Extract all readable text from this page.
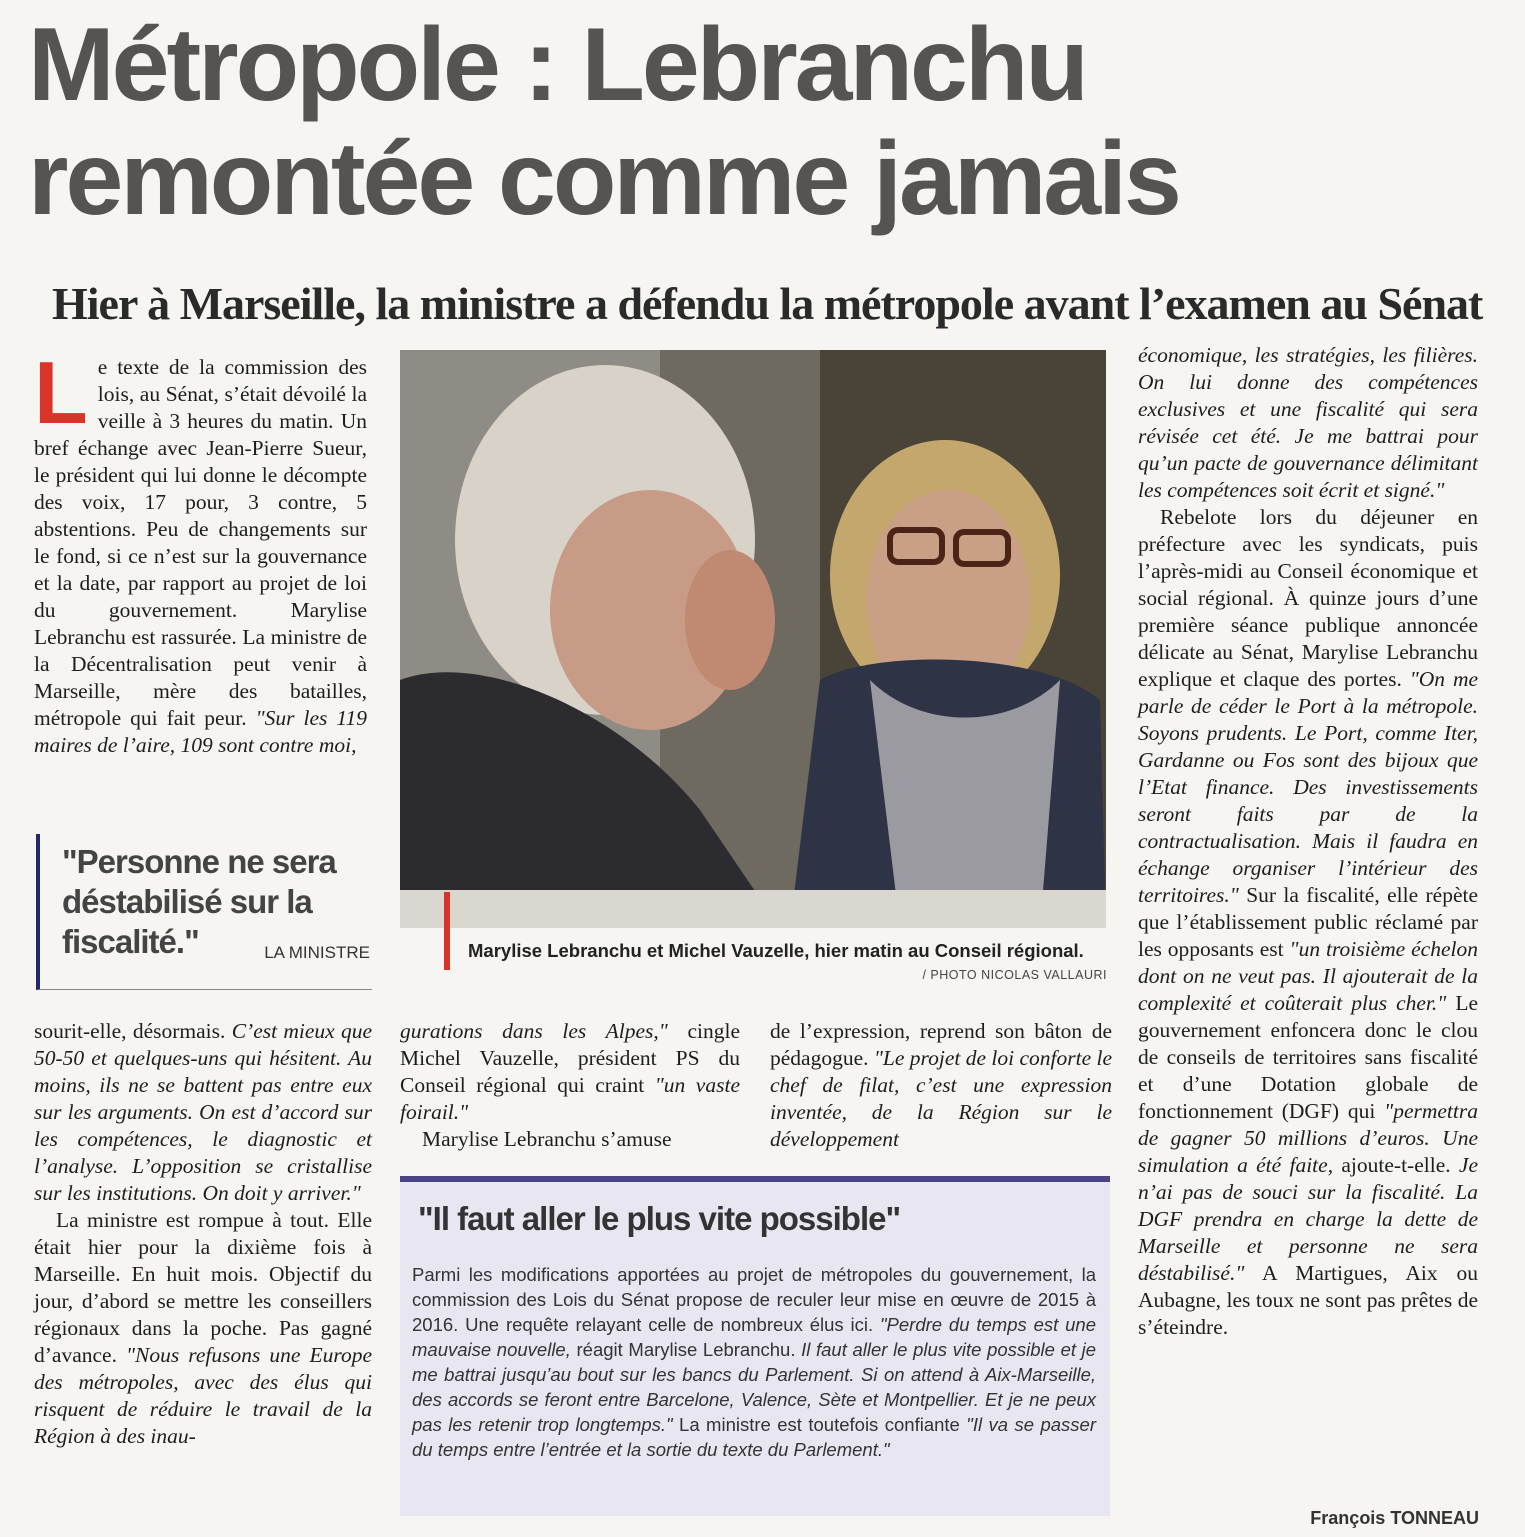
Métropole : Lebranchu
remontée comme jamais
Hier à Marseille, la ministre a défendu la métropole avant l’examen au Sénat

Le texte de la commission des lois, au Sénat, s’était dévoilé la veille à 3 heures du matin. Un bref échange avec Jean-Pierre Sueur, le président qui lui donne le décompte des voix, 17 pour, 3 contre, 5 abstentions. Peu de changements sur le fond, si ce n’est sur la gouvernance et la date, par rapport au projet de loi du gouvernement. Marylise Lebranchu est rassurée. La ministre de la Décentralisation peut venir à Marseille, mère des batailles, métropole qui fait peur. "Sur les 119 maires de l’aire, 109 sont contre moi,

"Personne ne sera déstabilisé sur la fiscalité."	LA MINISTRE	Marylise Lebranchu et Michel Vauzelle, hier matin au Conseil régional.
/ PHOTO NICOLAS VALLAURI

sourit-elle, désormais. C’est mieux que 50-50 et quelques-uns qui hésitent. Au moins, ils ne se battent pas entre eux sur les arguments. On est d’accord sur les compétences, le diagnostic et l’analyse. L’opposition se cristallise sur les institutions. On doit y arriver."

La ministre est rompue à tout. Elle était hier pour la dixième fois à Marseille. En huit mois. Objectif du jour, d’abord se mettre les conseillers régionaux dans la poche. Pas gagné d’avance. "Nous refusons une Europe des métropoles, avec des élus qui risquent de réduire le travail de la Région à des inau-

gurations dans les Alpes," cingle Michel Vauzelle, président PS du Conseil régional qui craint "un vaste foirail."

Marylise Lebranchu s’amuse

de l’expression, reprend son bâton de pédagogue. "Le projet de loi conforte le chef de filat, c’est une expression inventée, de la Région sur le développement

économique, les stratégies, les filières. On lui donne des compétences exclusives et une fiscalité qui sera révisée cet été. Je me battrai pour qu’un pacte de gouvernance délimitant les compétences soit écrit et signé."

Rebelote lors du déjeuner en préfecture avec les syndicats, puis l’après-midi au Conseil économique et social régional. À quinze jours d’une première séance publique annoncée délicate au Sénat, Marylise Lebranchu explique et claque des portes. "On me parle de céder le Port à la métropole. Soyons prudents. Le Port, comme Iter, Gardanne ou Fos sont des bijoux que l’Etat finance. Des investissements seront faits par de la contractualisation. Mais il faudra en échange organiser l’intérieur des territoires." Sur la fiscalité, elle répète que l’établissement public réclamé par les opposants est "un troisième échelon dont on ne veut pas. Il ajouterait de la complexité et coûterait plus cher." Le gouvernement enfoncera donc le clou de conseils de territoires sans fiscalité et d’une Dotation globale de fonctionnement (DGF) qui "permettra de gagner 50 millions d’euros. Une simulation a été faite, ajoute-t-elle. Je n’ai pas de souci sur la fiscalité. La DGF prendra en charge la dette de Marseille et personne ne sera déstabilisé." A Martigues, Aix ou Aubagne, les toux ne sont pas prêtes de s’éteindre.

"Il faut aller le plus vite possible"
Parmi les modifications apportées au projet de métropoles du gouvernement, la commission des Lois du Sénat propose de reculer leur mise en œuvre de 2015 à 2016. Une requête relayant celle de nombreux élus ici. "Perdre du temps est une mauvaise nouvelle, réagit Marylise Lebranchu. Il faut aller le plus vite possible et je me battrai jusqu’au bout sur les bancs du Parlement. Si on attend à Aix-Marseille, des accords se feront entre Barcelone, Valence, Sète et Montpellier. Et je ne peux pas les retenir trop longtemps." La ministre est toutefois confiante "Il va se passer du temps entre l’entrée et la sortie du texte du Parlement."
François TONNEAU
